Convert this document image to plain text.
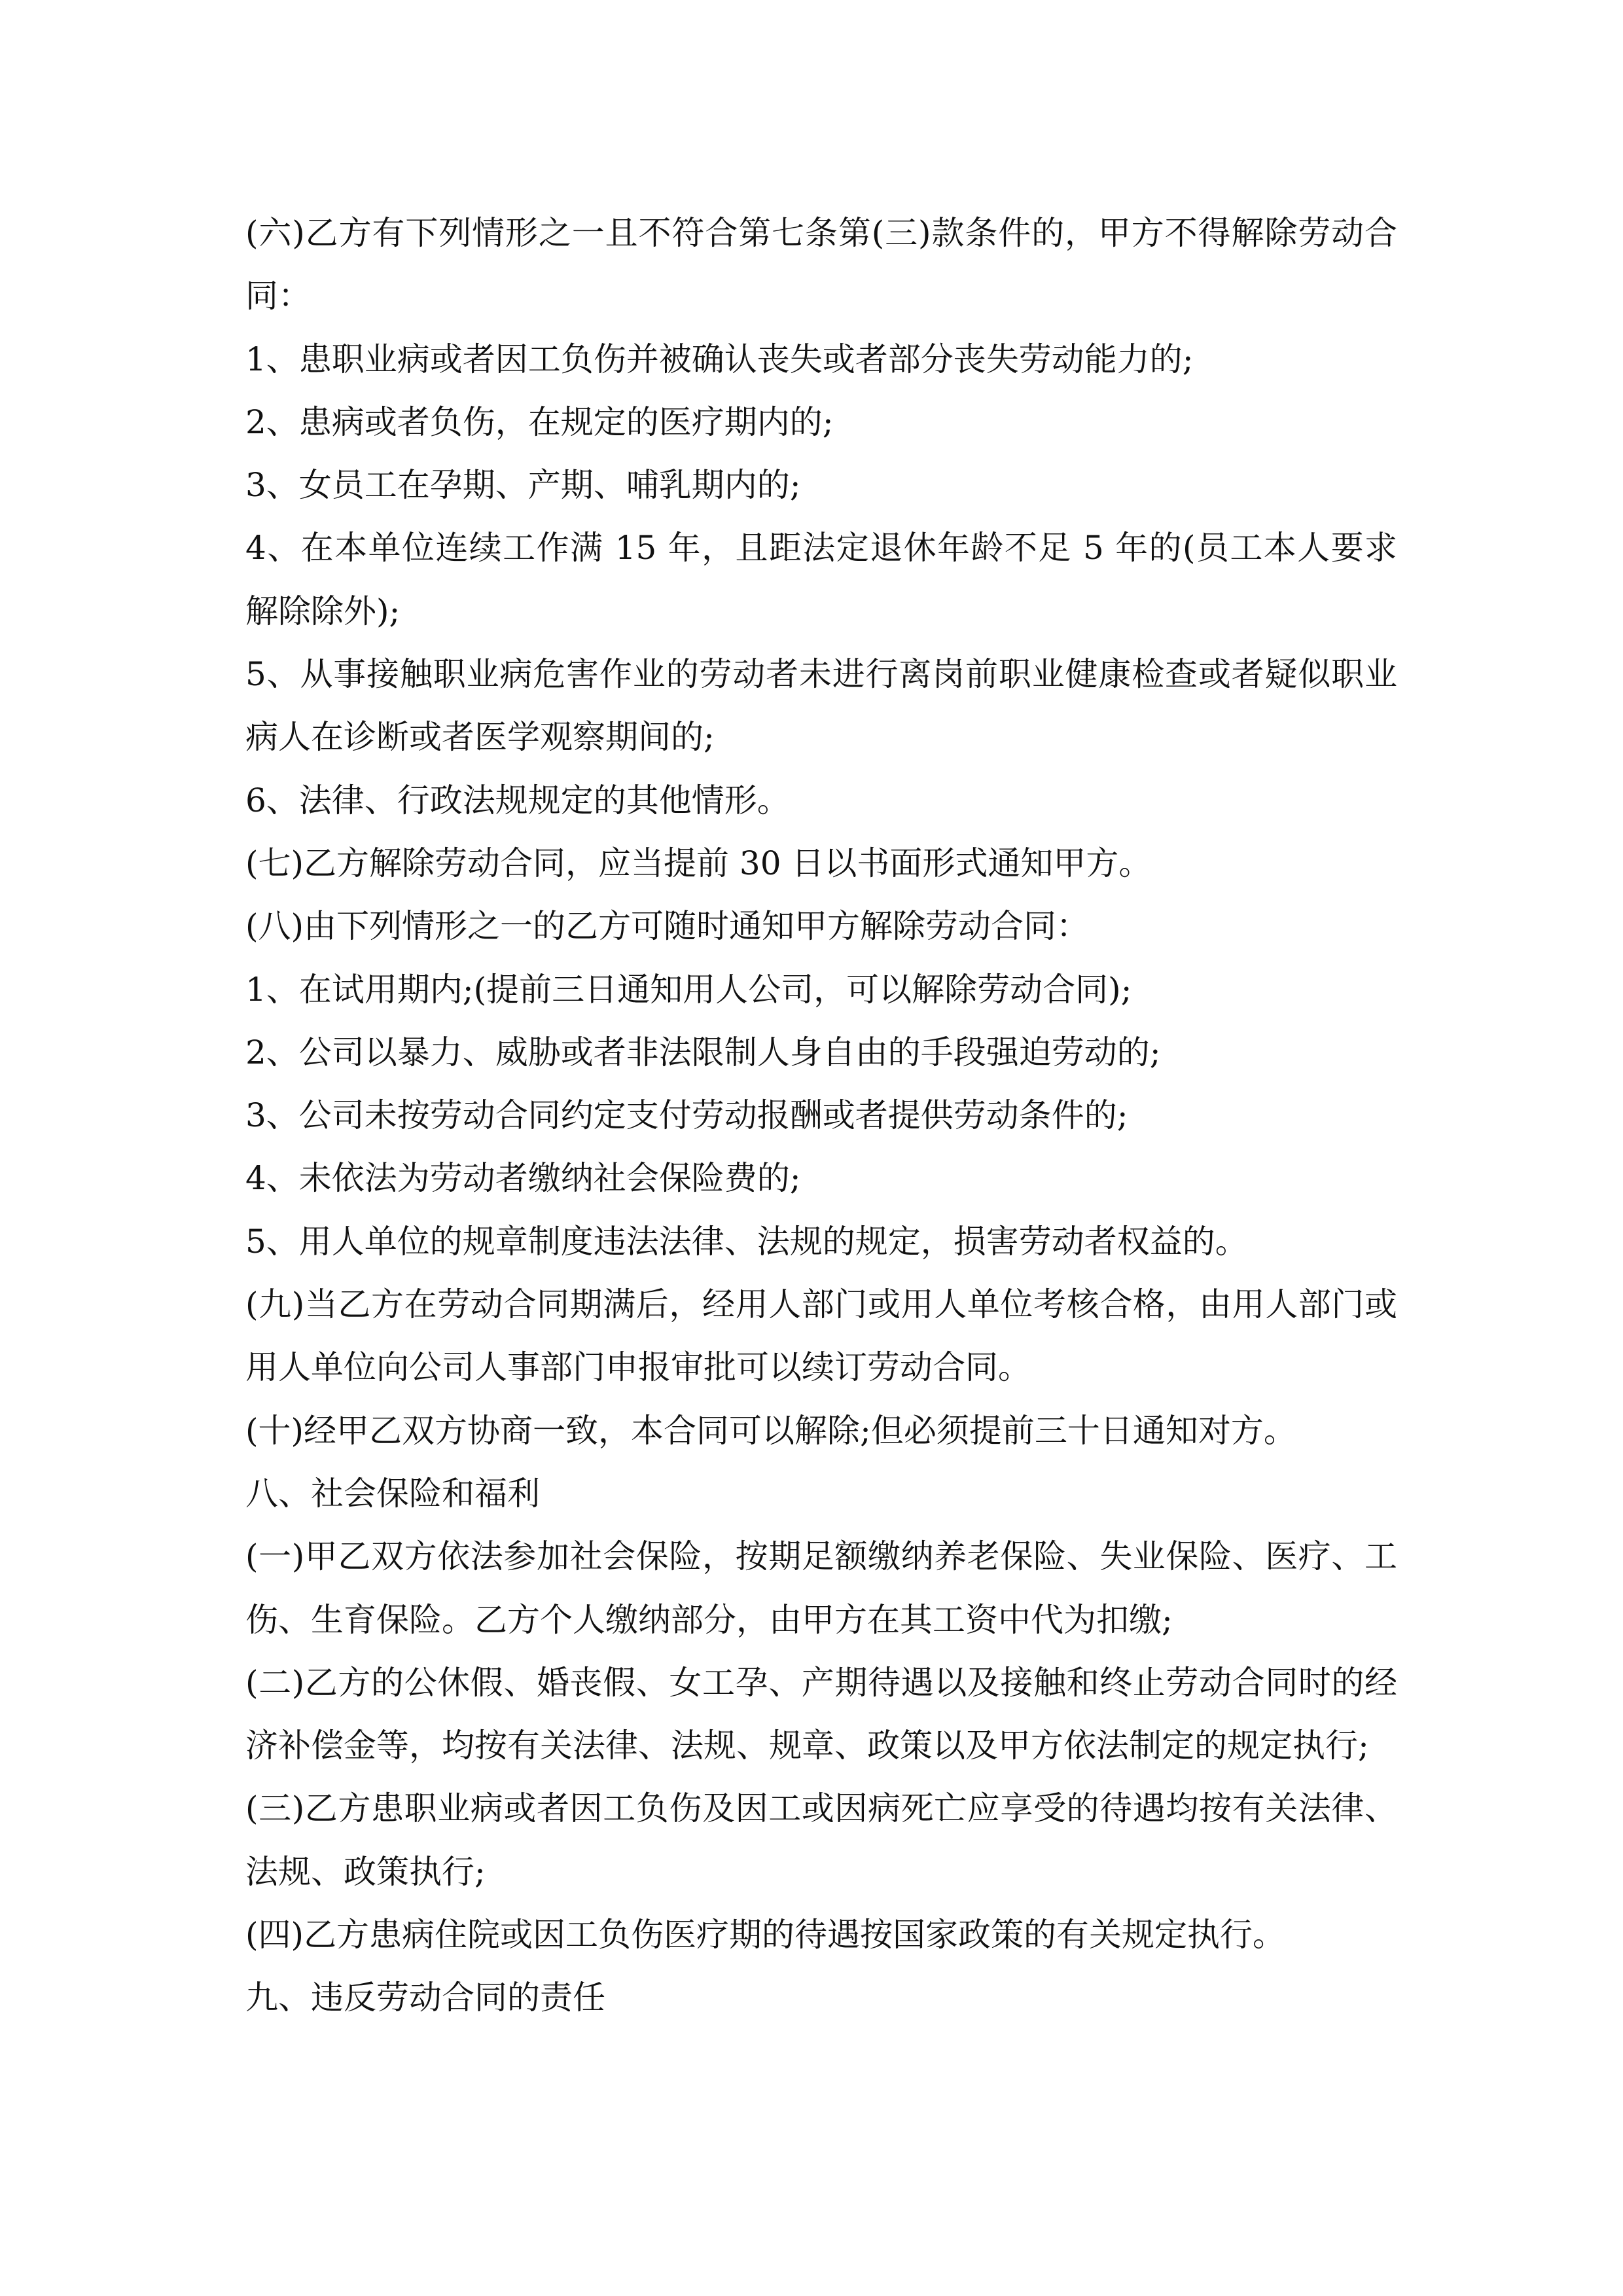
(六)乙方有下列情形之一且不符合第七条第(三)款条件的，甲方不得解除劳动合同：

1、患职业病或者因工负伤并被确认丧失或者部分丧失劳动能力的;

2、患病或者负伤，在规定的医疗期内的;

3、女员工在孕期、产期、哺乳期内的;

4、在本单位连续工作满 15 年，且距法定退休年龄不足 5 年的(员工本人要求解除除外);

5、从事接触职业病危害作业的劳动者未进行离岗前职业健康检查或者疑似职业病人在诊断或者医学观察期间的;

6、法律、行政法规规定的其他情形。

(七)乙方解除劳动合同，应当提前 30 日以书面形式通知甲方。

(八)由下列情形之一的乙方可随时通知甲方解除劳动合同：

1、在试用期内;(提前三日通知用人公司，可以解除劳动合同);

2、公司以暴力、威胁或者非法限制人身自由的手段强迫劳动的;

3、公司未按劳动合同约定支付劳动报酬或者提供劳动条件的;

4、未依法为劳动者缴纳社会保险费的;

5、用人单位的规章制度违法法律、法规的规定，损害劳动者权益的。

(九)当乙方在劳动合同期满后，经用人部门或用人单位考核合格，由用人部门或用人单位向公司人事部门申报审批可以续订劳动合同。

(十)经甲乙双方协商一致，本合同可以解除;但必须提前三十日通知对方。

八、社会保险和福利

(一)甲乙双方依法参加社会保险，按期足额缴纳养老保险、失业保险、医疗、工伤、生育保险。乙方个人缴纳部分，由甲方在其工资中代为扣缴;

(二)乙方的公休假、婚丧假、女工孕、产期待遇以及接触和终止劳动合同时的经济补偿金等，均按有关法律、法规、规章、政策以及甲方依法制定的规定执行;

(三)乙方患职业病或者因工负伤及因工或因病死亡应享受的待遇均按有关法律、法规、政策执行;

(四)乙方患病住院或因工负伤医疗期的待遇按国家政策的有关规定执行。

九、违反劳动合同的责任
